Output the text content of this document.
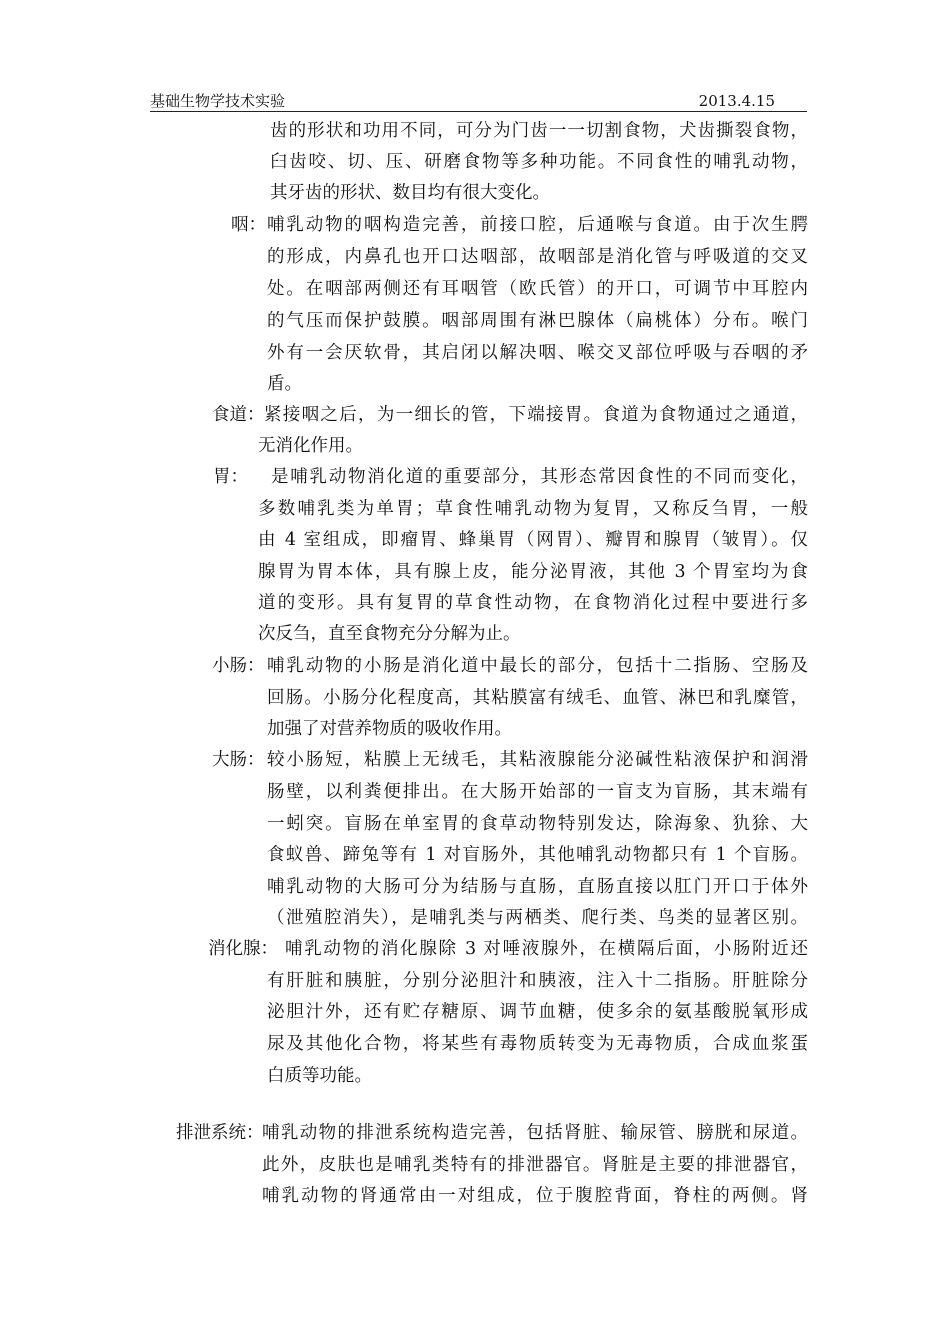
基础生物学技术实验	2013.4.15
齿的形状和功用不同，可分为门齿一一切割食物，犬齿撕裂食物，
臼齿咬、切、压、研磨食物等多种功能。不同食性的哺乳动物，
其牙齿的形状、数目均有很大变化。
咽： 哺乳动物的咽构造完善，前接口腔，后通喉与食道。由于次生腭
的形成，内鼻孔也开口达咽部，故咽部是消化管与呼吸道的交叉
处。在咽部两侧还有耳咽管（欧氏管）的开口，可调节中耳腔内
的气压而保护鼓膜。咽部周围有淋巴腺体（扁桃体）分布。喉门
外有一会厌软骨，其启闭以解决咽、喉交叉部位呼吸与吞咽的矛
盾。
食道： 紧接咽之后，为一细长的管，下端接胃。食道为食物通过之通道，
无消化作用。
胃： 是哺乳动物消化道的重要部分，其形态常因食性的不同而变化，
多数哺乳类为单胃；草食性哺乳动物为复胃，又称反刍胃，一般
由 4 室组成，即瘤胃、蜂巢胃（网胃）、瓣胃和腺胃（皱胃）。仅
腺胃为胃本体，具有腺上皮，能分泌胃液，其他 3 个胃室均为食
道的变形。具有复胃的草食性动物，在食物消化过程中要进行多
次反刍，直至食物充分分解为止。
小肠： 哺乳动物的小肠是消化道中最长的部分，包括十二指肠、空肠及
回肠。小肠分化程度高，其粘膜富有绒毛、血管、淋巴和乳糜管，
加强了对营养物质的吸收作用。
大肠： 较小肠短，粘膜上无绒毛，其粘液腺能分泌碱性粘液保护和润滑
肠壁，以利粪便排出。在大肠开始部的一盲支为盲肠，其末端有
一蚓突。盲肠在单室胃的食草动物特别发达，除海象、犰狳、大
食蚁兽、蹄兔等有 1 对盲肠外，其他哺乳动物都只有 1 个盲肠。
哺乳动物的大肠可分为结肠与直肠，直肠直接以肛门开口于体外
（泄殖腔消失），是哺乳类与两栖类、爬行类、鸟类的显著区别。
消化腺： 哺乳动物的消化腺除 3 对唾液腺外，在横隔后面，小肠附近还
有肝脏和胰脏，分别分泌胆汁和胰液，注入十二指肠。肝脏除分
泌胆汁外，还有贮存糖原、调节血糖，使多余的氨基酸脱氧形成
尿及其他化合物，将某些有毒物质转变为无毒物质，合成血浆蛋
白质等功能。
排泄系统：
哺乳动物的排泄系统构造完善，包括肾脏、输尿管、膀胱和尿道。
此外，皮肤也是哺乳类特有的排泄器官。肾脏是主要的排泄器官，
哺乳动物的肾通常由一对组成，位于腹腔背面，脊柱的两侧。肾
